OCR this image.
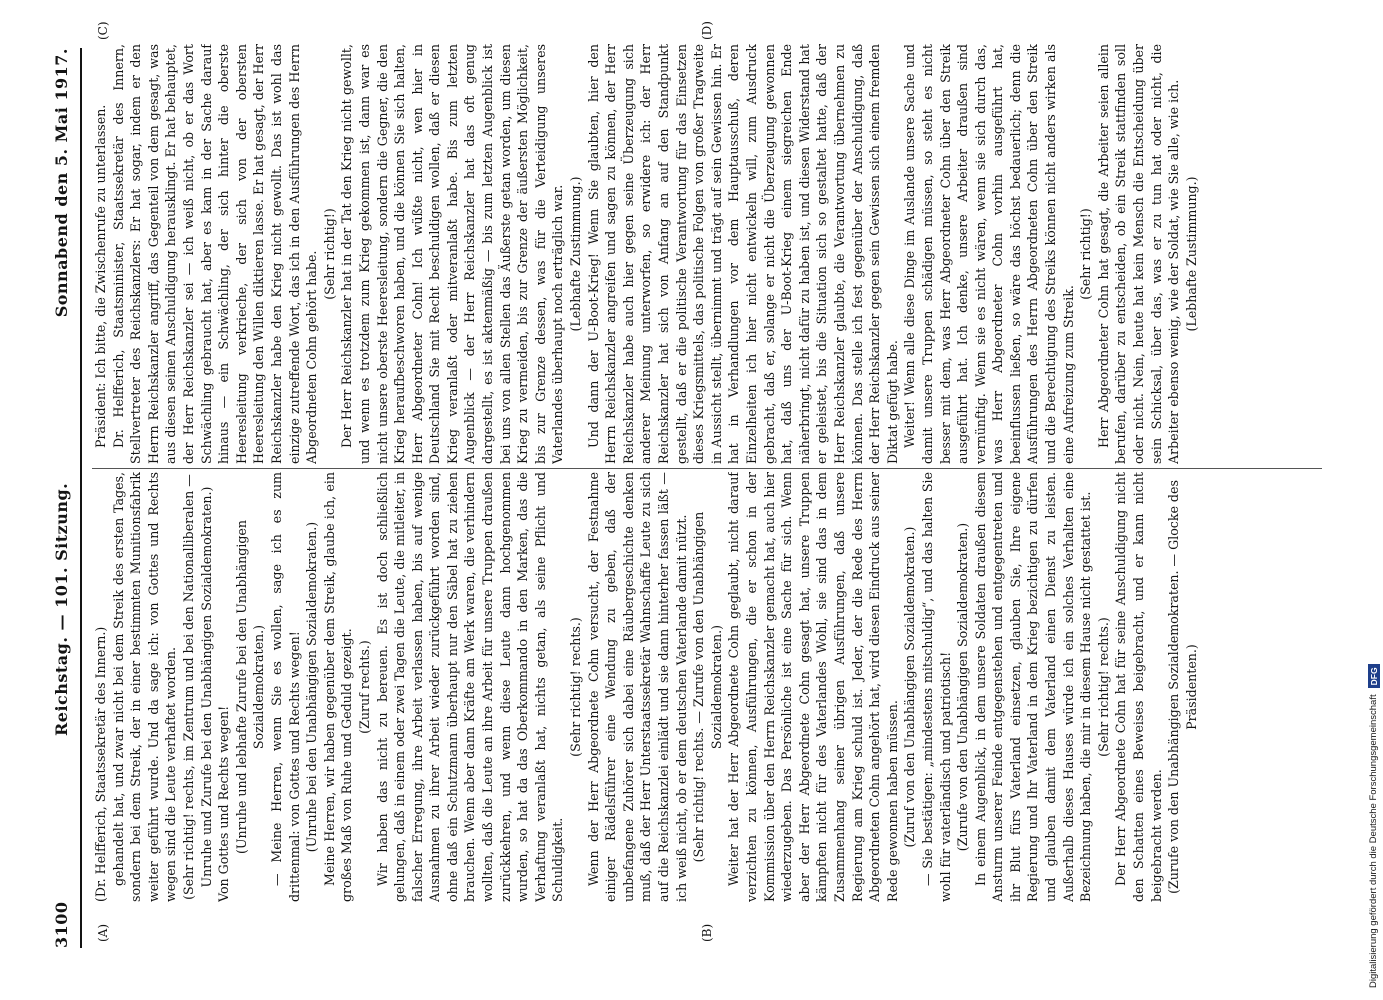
3100
Reichstag. — 101. Sitzung.
Sonnabend den 5. Mai 1917.
(A)	(B)
(C)	(D)

(Dr. Helfferich, Staatssekretär des Innern.) gehandelt hat, und zwar nicht bei dem Streik des ersten Tages, sondern bei dem Streik, der in einer bestimmten Munitionsfabrik weiter geführt wurde. Und da sage ich: von Gottes und Rechts wegen sind die Leute verhaftet worden. (Sehr richtig! rechts, im Zentrum und bei den Nationalliberalen — Unruhe und Zurufe bei den Unabhängigen Sozialdemokraten.) Von Gottes und Rechts wegen! (Unruhe und lebhafte Zurufe bei den Unabhängigen Sozialdemokraten.) — Meine Herren, wenn Sie es wollen, sage ich es zum drittenmal: von Gottes und Rechts wegen! (Unruhe bei den Unabhängigen Sozialdemokraten.) Meine Herren, wir haben gegenüber dem Streik, glaube ich, ein großes Maß von Ruhe und Geduld gezeigt. (Zuruf rechts.) Wir haben das nicht zu bereuen. Es ist doch schließlich gelungen, daß in einem oder zwei Tagen die Leute, die mitleiter, in falscher Erregung, ihre Arbeit verlassen haben, bis auf wenige Ausnahmen zu ihrer Arbeit wieder zurückgeführt worden sind, ohne daß ein Schutzmann überhaupt nur den Säbel hat zu ziehen brauchen. Wenn aber dann Kräfte am Werk waren, die verhindern wollten, daß die Leute an ihre Arbeit für unsere Truppen draußen zurückkehren, und wenn diese Leute dann hochgenommen wurden, so hat da das Oberkommando in den Marken, das die Verhaftung veranlaßt hat, nichts getan, als seine Pflicht und Schuldigkeit.

(Sehr richtig! rechts.) Wenn der Herr Abgeordnete Cohn versucht, der Festnahme einiger Rädelsführer eine Wendung zu geben, daß der unbefangene Zuhörer sich dabei eine Räubergeschichte denken muß, daß der Herr Unterstaatssekretär Wahnschaffe Leute zu sich auf die Reichskanzlei einlädt und sie dann hinterher fassen läßt — ich weiß nicht, ob er dem deutschen Vaterlande damit nützt. (Sehr richtig! rechts. — Zurufe von den Unabhängigen Sozialdemokraten.) Weiter hat der Herr Abgeordnete Cohn geglaubt, nicht darauf verzichten zu können, Ausführungen, die er schon in der Kommission über den Herrn Reichskanzler gemacht hat, auch hier wiederzugeben. Das Persönliche ist eine Sache für sich. Wenn aber der Herr Abgeordnete Cohn gesagt hat, unsere Truppen kämpften nicht für des Vaterlandes Wohl, sie sind das in dem Zusammenhang seiner übrigen Ausführungen, daß unsere Regierung am Krieg schuld ist. Jeder, der die Rede des Herrn Abgeordneten Cohn angehört hat, wird diesen Eindruck aus seiner Rede gewonnen haben müssen. (Zuruf von den Unabhängigen Sozialdemokraten.) — Sie bestätigen: „mindestens mitschuldig“, und das halten Sie wohl für vaterländisch und patriotisch! (Zurufe von den Unabhängigen Sozialdemokraten.) In einem Augenblick, in dem unsere Soldaten draußen diesem Ansturm unserer Feinde entgegenstehen und entgegentreten und ihr Blut fürs Vaterland einsetzen, glauben Sie, Ihre eigene Regierung und Ihr Vaterland in dem Krieg bezichtigen zu dürfen und glauben damit dem Vaterland einen Dienst zu leisten. Außerhalb dieses Hauses würde ich ein solches Verhalten eine Bezeichnung haben, die mir in diesem Hause nicht gestattet ist. (Sehr richtig! rechts.) Der Herr Abgeordnete Cohn hat für seine Anschuldigung nicht den Schatten eines Beweises beigebracht, und er kann nicht beigebracht werden. (Zurufe von den Unabhängigen Sozialdemokraten. — Glocke des Präsidenten.)

Präsident: Ich bitte, die Zwischenrufe zu unterlassen. Dr. Helfferich, Staatsminister, Staatssekretär des Innern, Stellvertreter des Reichskanzlers: Er hat sogar, indem er den Herrn Reichskanzler angriff, das Gegenteil von dem gesagt, was aus diesen seinen Anschuldigung herausklingt. Er hat behauptet, der Herr Reichskanzler sei — ich weiß nicht, ob er das Wort Schwächling gebraucht hat, aber es kam in der Sache darauf hinaus — ein Schwächling, der sich hinter die oberste Heeresleitung verkrieche, der sich von der obersten Heeresleitung den Willen diktieren lasse. Er hat gesagt, der Herr Reichskanzler habe den Krieg nicht gewollt. Das ist wohl das einzige zutreffende Wort, das ich in den Ausführungen des Herrn Abgeordneten Cohn gehört habe. (Sehr richtig!) Der Herr Reichskanzler hat in der Tat den Krieg nicht gewollt, und wenn es trotzdem zum Krieg gekommen ist, dann war es nicht unsere oberste Heeresleitung, sondern die Gegner, die den Krieg heraufbeschworen haben, und die können Sie sich halten, Herr Abgeordneter Cohn! Ich wüßte nicht, wen hier in Deutschland Sie mit Recht beschuldigen wollen, daß er diesen Krieg veranlaßt oder mitveranlaßt habe. Bis zum letzten Augenblick — der Herr Reichskanzler hat das oft genug dargestellt, es ist aktenmäßig — bis zum letzten Augenblick ist bei uns von allen Stellen das Äußerste getan worden, um diesen Krieg zu vermeiden, bis zur Grenze der äußersten Möglichkeit, bis zur Grenze dessen, was für die Verteidigung unseres Vaterlandes überhaupt noch erträglich war. (Lebhafte Zustimmung.) Und dann der U-Boot-Krieg! Wenn Sie glaubten, hier den Herrn Reichskanzler angreifen und sagen zu können, der Herr Reichskanzler habe auch hier gegen seine Überzeugung sich anderer Meinung unterworfen, so erwidere ich: der Herr Reichskanzler hat sich von Anfang an auf den Standpunkt gestellt, daß er die politische Verantwortung für das Einsetzen dieses Kriegsmittels, das politische Folgen von großer Tragweite in Aussicht stellt, übernimmt und trägt auf sein Gewissen hin. Er hat in Verhandlungen vor dem Hauptausschuß, deren Einzelheiten ich hier nicht entwickeln will, zum Ausdruck gebracht, daß er, solange er nicht die Überzeugung gewonnen hat, daß uns der U-Boot-Krieg einem siegreichen Ende näherbringt, nicht dafür zu haben ist, und diesen Widerstand hat er geleistet, bis die Situation sich so gestaltet hatte, daß der Herr Reichskanzler glaubte, die Verantwortung übernehmen zu können. Das stelle ich fest gegenüber der Anschuldigung, daß der Herr Reichskanzler gegen sein Gewissen sich einem fremden Diktat gefügt habe. Weiter! Wenn alle diese Dinge im Auslande unsere Sache und damit unsere Truppen schädigen müssen, so steht es nicht besser mit dem, was Herr Abgeordneter Cohn über den Streik ausgeführt hat. Ich denke, unsere Arbeiter draußen sind vernünftig. Wenn sie es nicht wären, wenn sie sich durch das, was Herr Abgeordneter Cohn vorhin ausgeführt hat, beeinflussen ließen, so wäre das höchst bedauerlich; denn die Ausführungen des Herrn Abgeordneten Cohn über den Streik und die Berechtigung des Streiks können nicht anders wirken als eine Aufreizung zum Streik.

(Sehr richtig!) Herr Abgeordneter Cohn hat gesagt, die Arbeiter seien allein berufen, darüber zu entscheiden, ob ein Streik stattfinden soll oder nicht. Nein, heute hat kein Mensch die Entscheidung über sein Schicksal, über das, was er zu tun hat oder nicht, die Arbeiter ebenso wenig, wie der Soldat, wie Sie alle, wie ich. (Lebhafte Zustimmung.)

Digitalisierung gefördert durch die Deutsche Forschungsgemeinschaft
DFG
